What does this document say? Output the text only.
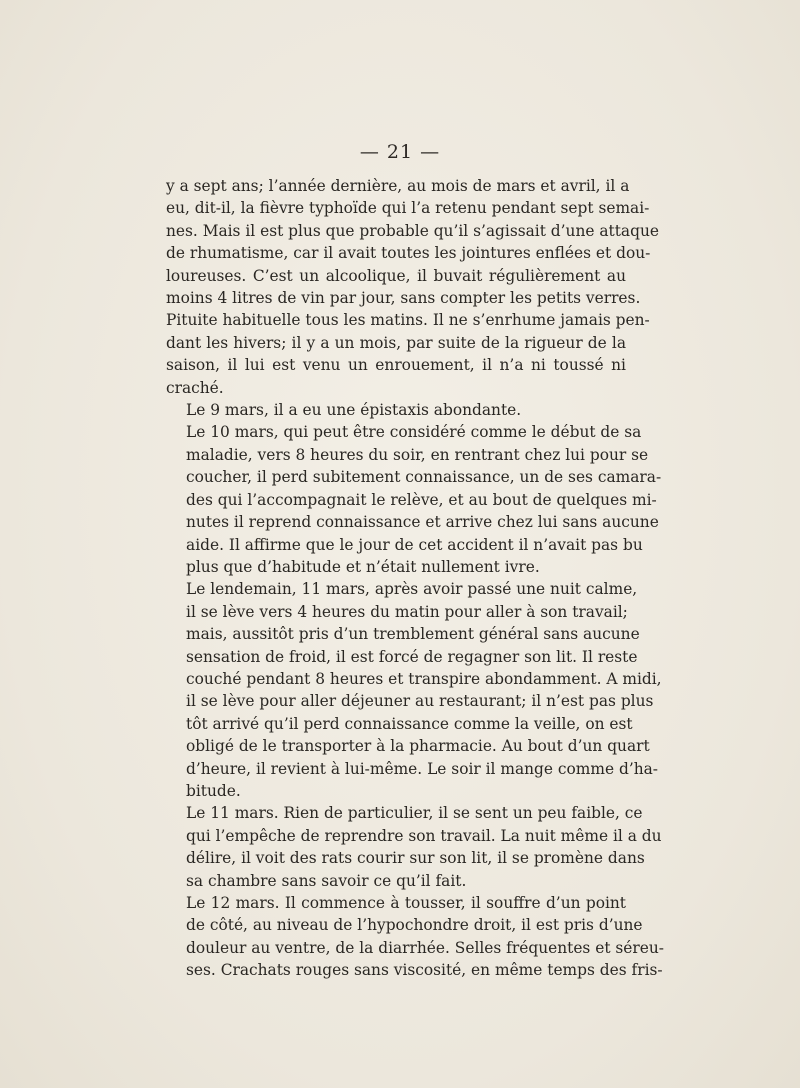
— 21 —

y a sept ans; l’année dernière, au mois de mars et avril, il a
eu, dit-il, la fièvre typhoïde qui l’a retenu pendant sept semai-
nes. Mais il est plus que probable qu’il s’agissait d’une attaque
de rhumatisme, car il avait toutes les jointures enflées et dou-
loureuses. C’est un alcoolique, il buvait régulièrement au
moins 4 litres de vin par jour, sans compter les petits verres.
Pituite habituelle tous les matins. Il ne s’enrhume jamais pen-
dant les hivers; il y a un mois, par suite de la rigueur de la
saison, il lui est venu un enrouement, il n’a ni toussé ni
craché.

Le 9 mars, il a eu une épistaxis abondante.

Le 10 mars, qui peut être considéré comme le début de sa
maladie, vers 8 heures du soir, en rentrant chez lui pour se
coucher, il perd subitement connaissance, un de ses camara-
des qui l’accompagnait le relève, et au bout de quelques mi-
nutes il reprend connaissance et arrive chez lui sans aucune
aide. Il affirme que le jour de cet accident il n’avait pas bu
plus que d’habitude et n’était nullement ivre.

Le lendemain, 11 mars, après avoir passé une nuit calme,
il se lève vers 4 heures du matin pour aller à son travail;
mais, aussitôt pris d’un tremblement général sans aucune
sensation de froid, il est forcé de regagner son lit. Il reste
couché pendant 8 heures et transpire abondamment. A midi,
il se lève pour aller déjeuner au restaurant; il n’est pas plus
tôt arrivé qu’il perd connaissance comme la veille, on est
obligé de le transporter à la pharmacie. Au bout d’un quart
d’heure, il revient à lui-même. Le soir il mange comme d’ha-
bitude.

Le 11 mars. Rien de particulier, il se sent un peu faible, ce
qui l’empêche de reprendre son travail. La nuit même il a du
délire, il voit des rats courir sur son lit, il se promène dans
sa chambre sans savoir ce qu’il fait.

Le 12 mars. Il commence à tousser, il souffre d’un point
de côté, au niveau de l’hypochondre droit, il est pris d’une
douleur au ventre, de la diarrhée. Selles fréquentes et séreu-
ses. Crachats rouges sans viscosité, en même temps des fris-
